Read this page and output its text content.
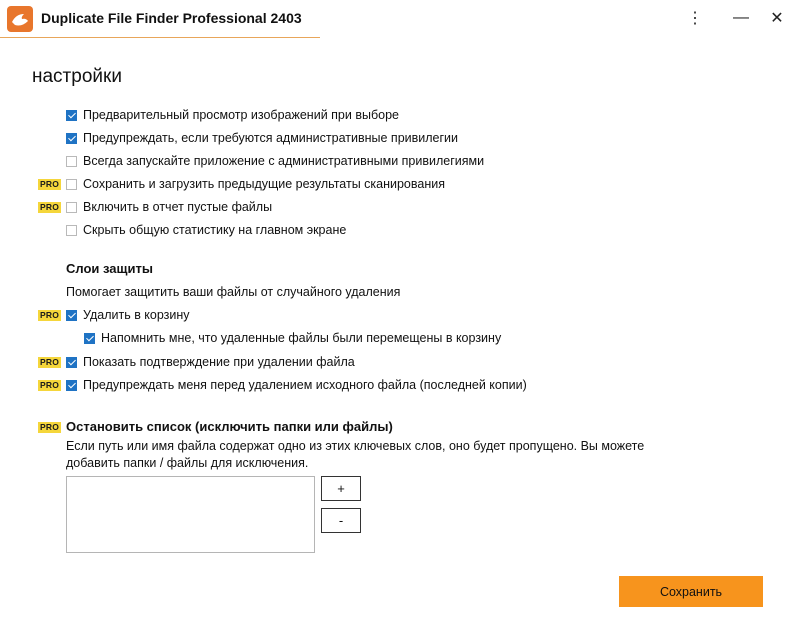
Duplicate File Finder Professional 2403	⋮	—	✕
настройки
Предварительный просмотр изображений при выборе
Предупреждать, если требуются административные привилегии
Всегда запускайте приложение с административными привилегиями
PRO Сохранить и загрузить предыдущие результаты сканирования
PRO Включить в отчет пустые файлы
Скрыть общую статистику на главном экране
Слои защиты
Помогает защитить ваши файлы от случайного удаления
PRO Удалить в корзину
Напомнить мне, что удаленные файлы были перемещены в корзину
PRO Показать подтверждение при удалении файла
PRO Предупреждать меня перед удалением исходного файла (последней копии)
PRO Остановить список (исключить папки или файлы)
Если путь или имя файла содержат одно из этих ключевых слов, оно будет пропущено. Вы можете
добавить папки / файлы для исключения.
+
-
Сохранить
